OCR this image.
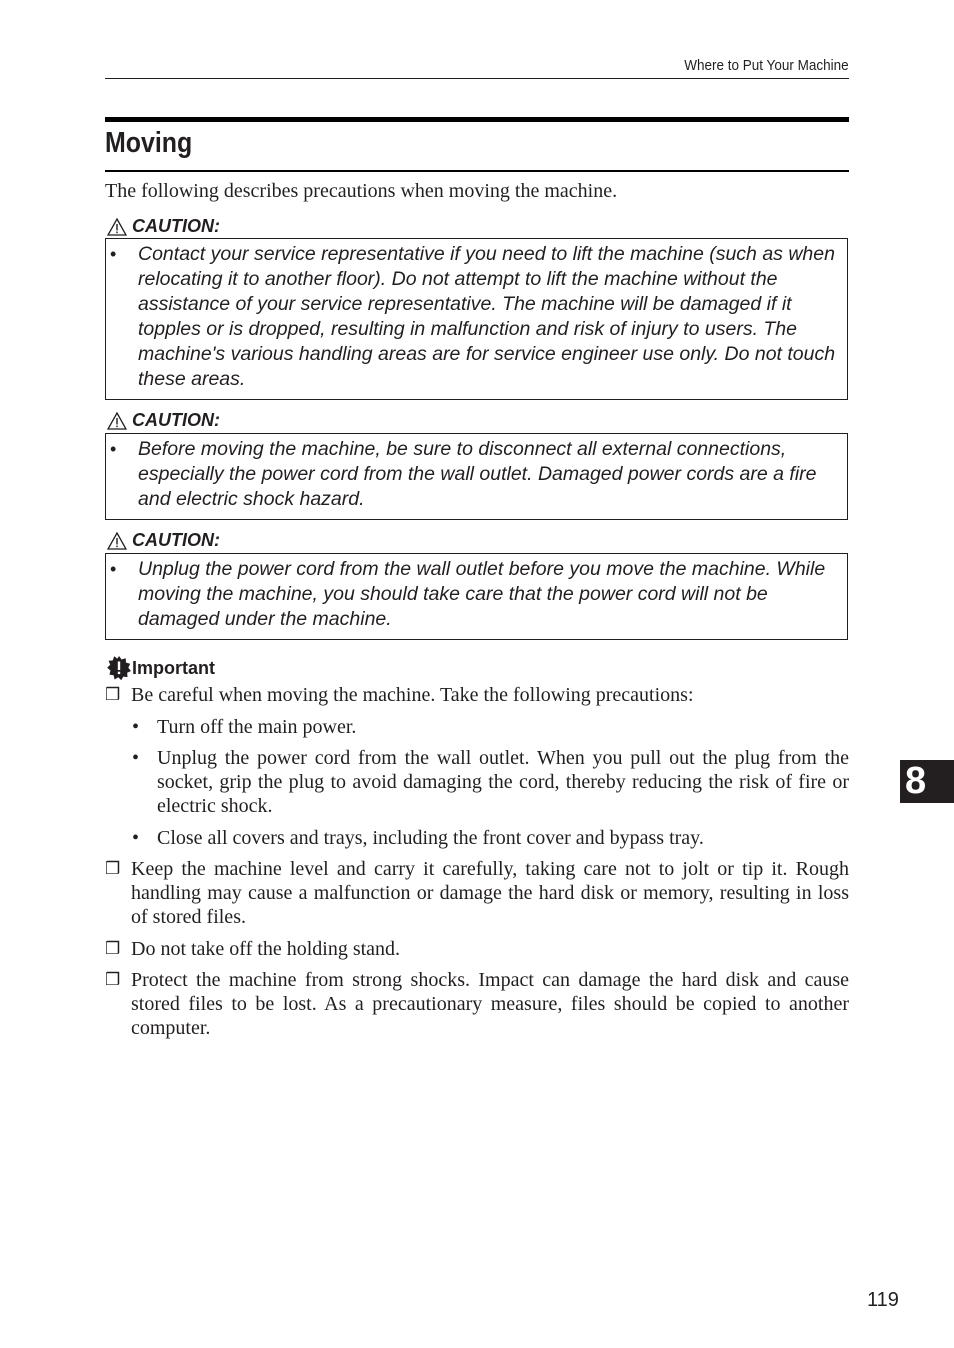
Where to Put Your Machine
Moving
The following describes precautions when moving the machine.
CAUTION:
• Contact your service representative if you need to lift the machine (such as when relocating it to another floor). Do not attempt to lift the machine without the assistance of your service representative. The machine will be damaged if it topples or is dropped, resulting in malfunction and risk of injury to users. The machine's various handling areas are for service engineer use only. Do not touch these areas.
CAUTION:
• Before moving the machine, be sure to disconnect all external connections, especially the power cord from the wall outlet. Damaged power cords are a fire and electric shock hazard.
CAUTION:
• Unplug the power cord from the wall outlet before you move the machine. While moving the machine, you should take care that the power cord will not be damaged under the machine.
Important
❒ Be careful when moving the machine. Take the following precautions:
• Turn off the main power.
• Unplug the power cord from the wall outlet. When you pull out the plug from the socket, grip the plug to avoid damaging the cord, thereby reducing the risk of fire or electric shock.
• Close all covers and trays, including the front cover and bypass tray.
❒ Keep the machine level and carry it carefully, taking care not to jolt or tip it. Rough handling may cause a malfunction or damage the hard disk or memory, resulting in loss of stored files.
❒ Do not take off the holding stand.
❒ Protect the machine from strong shocks. Impact can damage the hard disk and cause stored files to be lost. As a precautionary measure, files should be copied to another computer.
8
119
